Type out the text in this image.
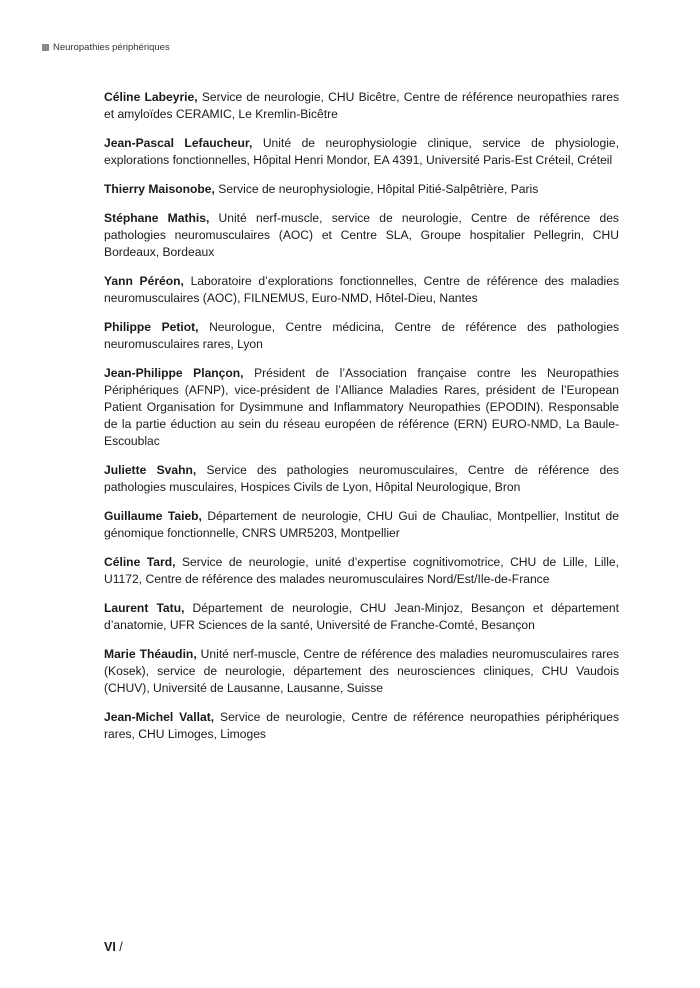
Neuropathies périphériques

Céline Labeyrie, Service de neurologie, CHU Bicêtre, Centre de référence neuropathies rares et amyloïdes CERAMIC, Le Kremlin-Bicêtre

Jean-Pascal Lefaucheur, Unité de neurophysiologie clinique, service de physiologie, explorations fonctionnelles, Hôpital Henri Mondor, EA 4391, Université Paris-Est Créteil, Créteil

Thierry Maisonobe, Service de neurophysiologie, Hôpital Pitié-Salpêtrière, Paris

Stéphane Mathis, Unité nerf-muscle, service de neurologie, Centre de référence des pathologies neuromusculaires (AOC) et Centre SLA, Groupe hospitalier Pellegrin, CHU Bordeaux, Bordeaux

Yann Péréon, Laboratoire d’explorations fonctionnelles, Centre de référence des maladies neuromusculaires (AOC), FILNEMUS, Euro-NMD, Hôtel-Dieu, Nantes

Philippe Petiot, Neurologue, Centre médicina, Centre de référence des pathologies neuromusculaires rares, Lyon

Jean-Philippe Plançon, Président de l’Association française contre les Neuropathies Périphériques (AFNP), vice-président de l’Alliance Maladies Rares, président de l’European Patient Organisation for Dysimmune and Inflammatory Neuropathies (EPODIN). Responsable de la partie éduction au sein du réseau européen de référence (ERN) EURO-NMD, La Baule-Escoublac

Juliette Svahn, Service des pathologies neuromusculaires, Centre de référence des pathologies musculaires, Hospices Civils de Lyon, Hôpital Neurologique, Bron

Guillaume Taieb, Département de neurologie, CHU Gui de Chauliac, Montpellier, Institut de génomique fonctionnelle, CNRS UMR5203, Montpellier

Céline Tard, Service de neurologie, unité d’expertise cognitivomotrice, CHU de Lille, Lille, U1172, Centre de référence des malades neuromusculaires Nord/Est/Ile-de-France

Laurent Tatu, Département de neurologie, CHU Jean-Minjoz, Besançon et département d’anatomie, UFR Sciences de la santé, Université de Franche-Comté, Besançon

Marie Théaudin, Unité nerf-muscle, Centre de référence des maladies neuromusculaires rares (Kosek), service de neurologie, département des neurosciences cliniques, CHU Vaudois (CHUV), Université de Lausanne, Lausanne, Suisse

Jean-Michel Vallat, Service de neurologie, Centre de référence neuropathies périphériques rares, CHU Limoges, Limoges

VI /
